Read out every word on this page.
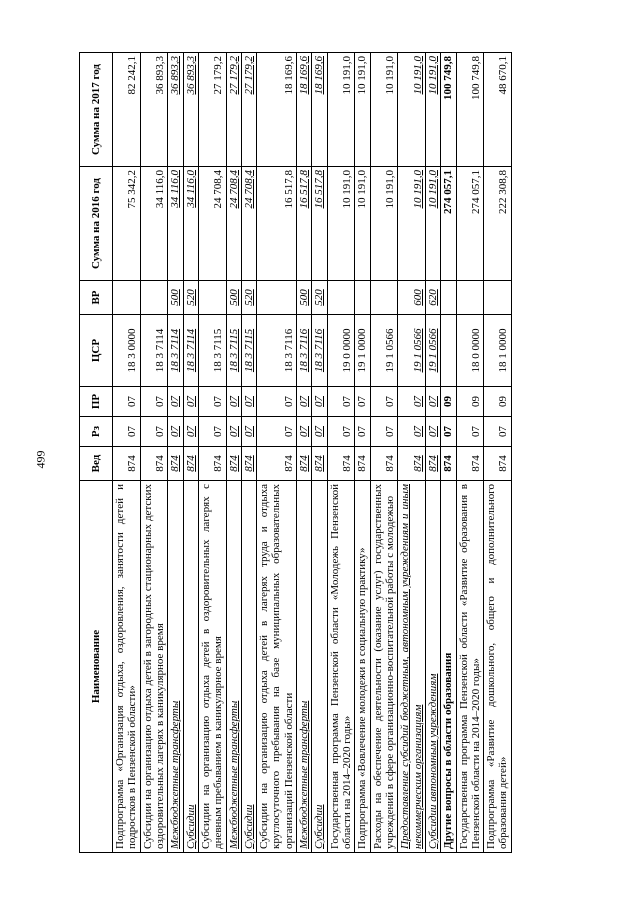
499
Наименование	Вед	Рз	ПР	ЦСР	ВР	Сумма на 2016 год	Сумма на 2017 год
Подпрограмма «Организация отдыха, оздоровления, занятости детей и подростков в Пензенской области»	874	07	07	18 3 0000		75 342,2	82 242,1
Субсидии на организацию отдыха детей в загородных стационарных детских оздоровительных лагерях в каникулярное время	874	07	07	18 3 7114		34 116,0	36 893,3
Межбюджетные трансферты	874	07	07	18 3 7114	500	34 116,0	36 893,3
Субсидии	874	07	07	18 3 7114	520	34 116,0	36 893,3
Субсидии на организацию отдыха детей в оздоровительных лагерях с дневным пребыванием в каникулярное время	874	07	07	18 3 7115		24 708,4	27 179,2
Межбюджетные трансферты	874	07	07	18 3 7115	500	24 708,4	27 179,2
Субсидии	874	07	07	18 3 7115	520	24 708,4	27 179,2
Субсидии на организацию отдыха детей в лагерях труда и отдыха круглосуточного пребывания на базе муниципальных образовательных организаций Пензенской области	874	07	07	18 3 7116		16 517,8	18 169,6
Межбюджетные трансферты	874	07	07	18 3 7116	500	16 517,8	18 169,6
Субсидии	874	07	07	18 3 7116	520	16 517,8	18 169,6
Государственная программа Пензенской области «Молодежь Пензенской области на 2014–2020 годы»	874	07	07	19 0 0000		10 191,0	10 191,0
Подпрограмма «Вовлечение молодежи в социальную практику»	874	07	07	19 1 0000		10 191,0	10 191,0
Расходы на обеспечение деятельности (оказание услуг) государственных учреждений в сфере организационно-воспитательной работы с молодежью	874	07	07	19 1 0566		10 191,0	10 191,0
Предоставление субсидий бюджетным, автономным учреждениям и иным некоммерческим организациям	874	07	07	19 1 0566	600	10 191,0	10 191,0
Субсидии автономным учреждениям	874	07	07	19 1 0566	620	10 191,0	10 191,0
Другие вопросы в области образования	874	07	09			274 057,1	100 749,8
Государственная программа Пензенской области «Развитие образования в Пензенской области на 2014–2020 годы»	874	07	09	18 0 0000		274 057,1	100 749,8
Подпрограмма «Развитие дошкольного, общего и дополнительного образования детей»	874	07	09	18 1 0000		222 308,8	48 670,1
